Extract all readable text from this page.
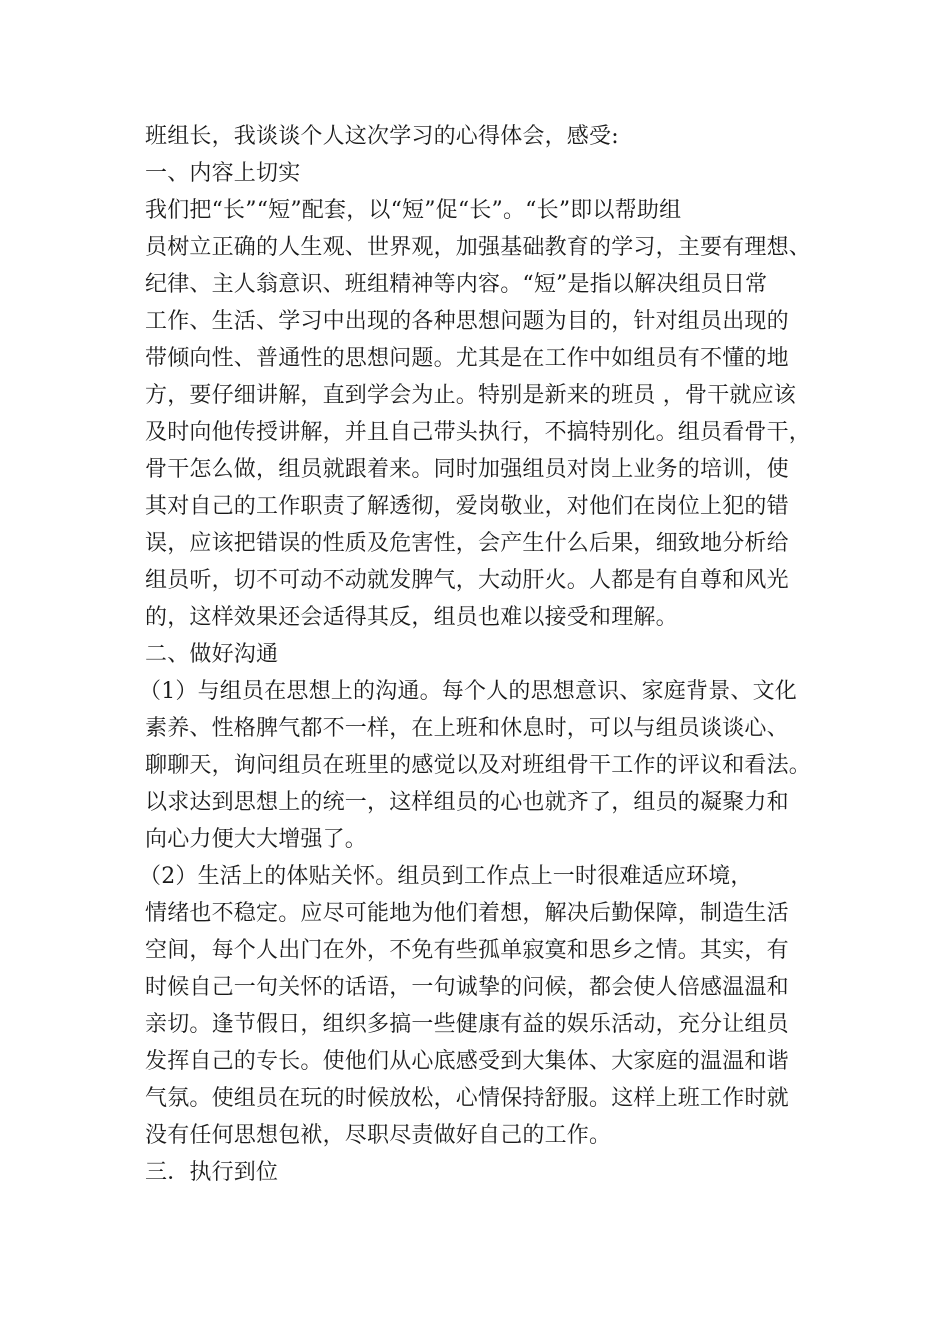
班组长，我谈谈个人这次学习的心得体会，感受:
一、内容上切实
我们把“长”“短”配套，以“短”促“长”。“长”即以帮助组
员树立正确的人生观、世界观，加强基础教育的学习，主要有理想、
纪律、主人翁意识、班组精神等内容。“短”是指以解决组员日常
工作、生活、学习中出现的各种思想问题为目的，针对组员出现的
带倾向性、普通性的思想问题。尤其是在工作中如组员有不懂的地
方，要仔细讲解，直到学会为止。特别是新来的班员 ，骨干就应该
及时向他传授讲解，并且自己带头执行，不搞特别化。组员看骨干，
骨干怎么做，组员就跟着来。同时加强组员对岗上业务的培训，使
其对自己的工作职责了解透彻，爱岗敬业，对他们在岗位上犯的错
误，应该把错误的性质及危害性，会产生什么后果，细致地分析给
组员听，切不可动不动就发脾气，大动肝火。人都是有自尊和风光
的，这样效果还会适得其反，组员也难以接受和理解。
二、做好沟通
（1）与组员在思想上的沟通。每个人的思想意识、家庭背景、文化
素养、性格脾气都不一样，在上班和休息时，可以与组员谈谈心、
聊聊天，询问组员在班里的感觉以及对班组骨干工作的评议和看法。
以求达到思想上的统一，这样组员的心也就齐了，组员的凝聚力和
向心力便大大增强了。
（2）生活上的体贴关怀。组员到工作点上一时很难适应环境，
情绪也不稳定。应尽可能地为他们着想，解决后勤保障，制造生活
空间，每个人出门在外，不免有些孤单寂寞和思乡之情。其实，有
时候自己一句关怀的话语，一句诚挚的问候，都会使人倍感温温和
亲切。逢节假日，组织多搞一些健康有益的娱乐活动，充分让组员
发挥自己的专长。使他们从心底感受到大集体、大家庭的温温和谐
气氛。使组员在玩的时候放松，心情保持舒服。这样上班工作时就
没有任何思想包袱，尽职尽责做好自己的工作。
三．执行到位
